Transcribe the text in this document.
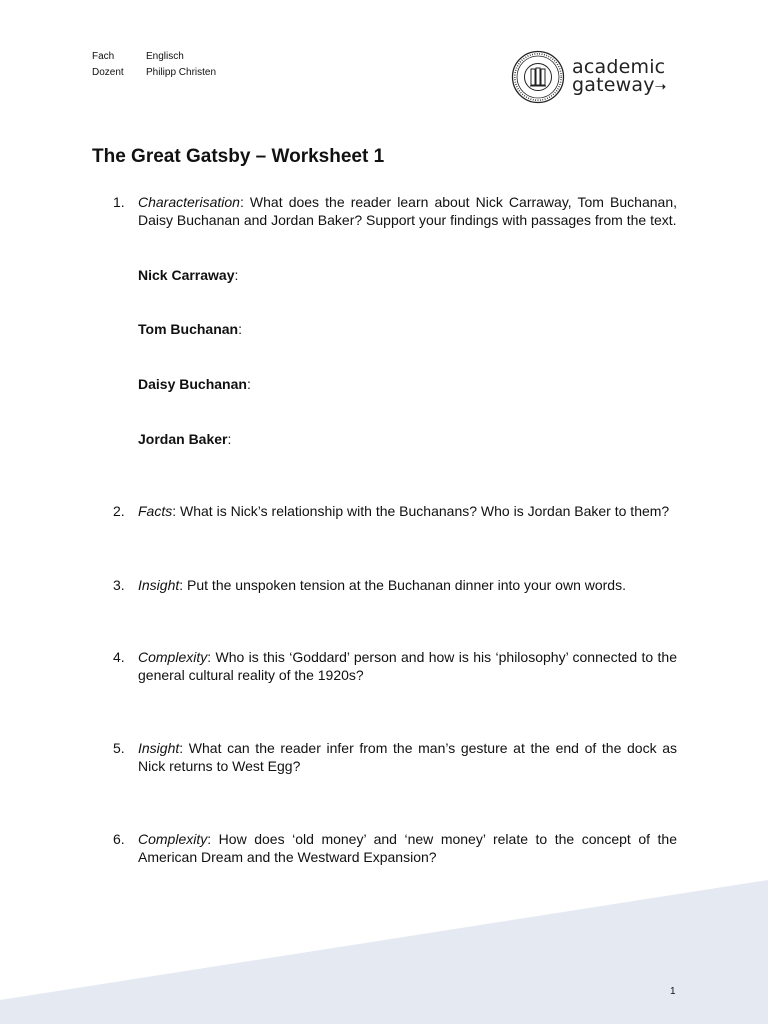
Fach	Englisch
Dozent	Philipp Christen	academic
gateway➝
The Great Gatsby – Worksheet 1
1. Characterisation: What does the reader learn about Nick Carraway, Tom Buchanan, Daisy Buchanan and Jordan Baker? Support your findings with passages from the text.
Nick Carraway:
Tom Buchanan:
Daisy Buchanan:
Jordan Baker:
2. Facts: What is Nick’s relationship with the Buchanans? Who is Jordan Baker to them?
3. Insight: Put the unspoken tension at the Buchanan dinner into your own words.
4. Complexity: Who is this ‘Goddard’ person and how is his ‘philosophy’ connected to the general cultural reality of the 1920s?
5. Insight: What can the reader infer from the man’s gesture at the end of the dock as Nick returns to West Egg?
6. Complexity: How does ‘old money’ and ‘new money’ relate to the concept of the American Dream and the Westward Expansion?
1
